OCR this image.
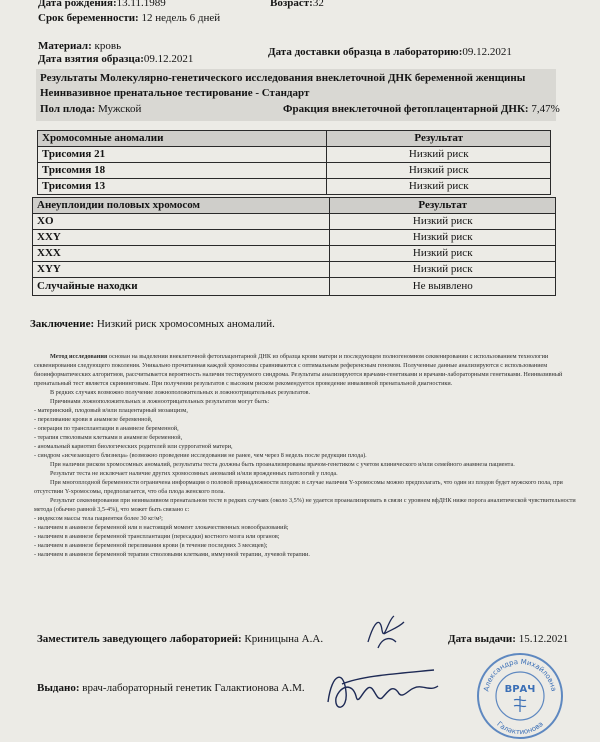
Дата рождения:13.11.1989	Возраст:32
Срок беременности: 12 недель 6 дней
Материал: кровь
Дата взятия образца:09.12.2021
Дата доставки образца в лабораторию:09.12.2021
Результаты Молекулярно-генетического исследования внеклеточной ДНК беременной женщины
Неинвазивное пренатальное тестирование - Стандарт
Пол плода: Мужской	Фракция внеклеточной фетоплацентарной ДНК: 7,47%
Хромосомные аномалии	Результат
Трисомия 21	Низкий риск
Трисомия 18	Низкий риск
Трисомия 13	Низкий риск
Анеуплоидии половых хромосом	Результат
XO	Низкий риск
XXY	Низкий риск
XXX	Низкий риск
XYY	Низкий риск
Случайные находки	Не выявлено
Заключение: Низкий риск хромосомных аномалий.

Метод исследования основан на выделении внеклеточной фетоплацентарной ДНК из образца крови матери и последующем полногеномном секвенировании с использованием технологии секвенирования следующего поколения. Уникально прочитанная каждой хромосомы сравниваются с оптимальным референсным геномом. Полученные данные анализируются с использованием биоинформатических алгоритмов, рассчитывается вероятность наличия тестируемого синдрома. Результаты анализируются врачами-генетиками и врачами-лабораторными генетиками. Неинвазивный пренатальный тест является скрининговым. При получении результатов с высоким риском рекомендуется проведение инвазивной пренатальной диагностики.

В редких случаях возможно получение ложноположительных и ложноотрицательных результатов.

Причинами ложноположительных и ложноотрицательных результатов могут быть:

- материнский, плодовый и/или плацентарный мозаицизм,

- переливание крови в анамнезе беременной,

- операция по трансплантации в анамнезе беременной,

- терапия стволовыми клетками в анамнезе беременной,

- аномальный кариотип биологических родителей или суррогатной матери,

- синдром «исчезающего близнеца» (возможно проведение исследования не ранее, чем через 8 недель после редукции плода).

При наличии риском хромосомных аномалий, результаты теста должны быть проанализированы врачом-генетиком с учетом клинического и/или семейного анамнеза пациента.

Результат теста не исключает наличие других хромосомных аномалий и/или врожденных патологий у плода.

При многоплодной беременности ограничена информация о половой принадлежности плодов: в случае наличия Y-хромосомы можно предполагать, что один из плодов будет мужского пола, при отсутствии Y-хромосомы, предполагается, что оба плода женского пола.

Результат секвенирования при неинвазивном пренатальном тесте в редких случаях (около 3,5%) не удается проанализировать в связи с уровнем вфДНК ниже порога аналитической чувствительности метода (обычно равной 3,5-4%), что может быть связано с:

- индексом массы тела пациентки более 30 кг/м²;

- наличием в анамнезе беременной или в настоящий момент злокачественных новообразований;

- наличием в анамнезе беременной трансплантации (пересадки) костного мозга или органов;

- наличием в анамнезе беременной переливания крови (в течение последних 3 месяцев);

- наличием в анамнезе беременной терапии стволовыми клетками, иммунной терапии, лучевой терапии.

Заместитель заведующего лабораторией: Криницына А.А.	Дата выдачи: 15.12.2021
Выдано: врач-лабораторный генетик Галактионова А.М.	Александра Михайловна
Галактионова
ВРАЧ
